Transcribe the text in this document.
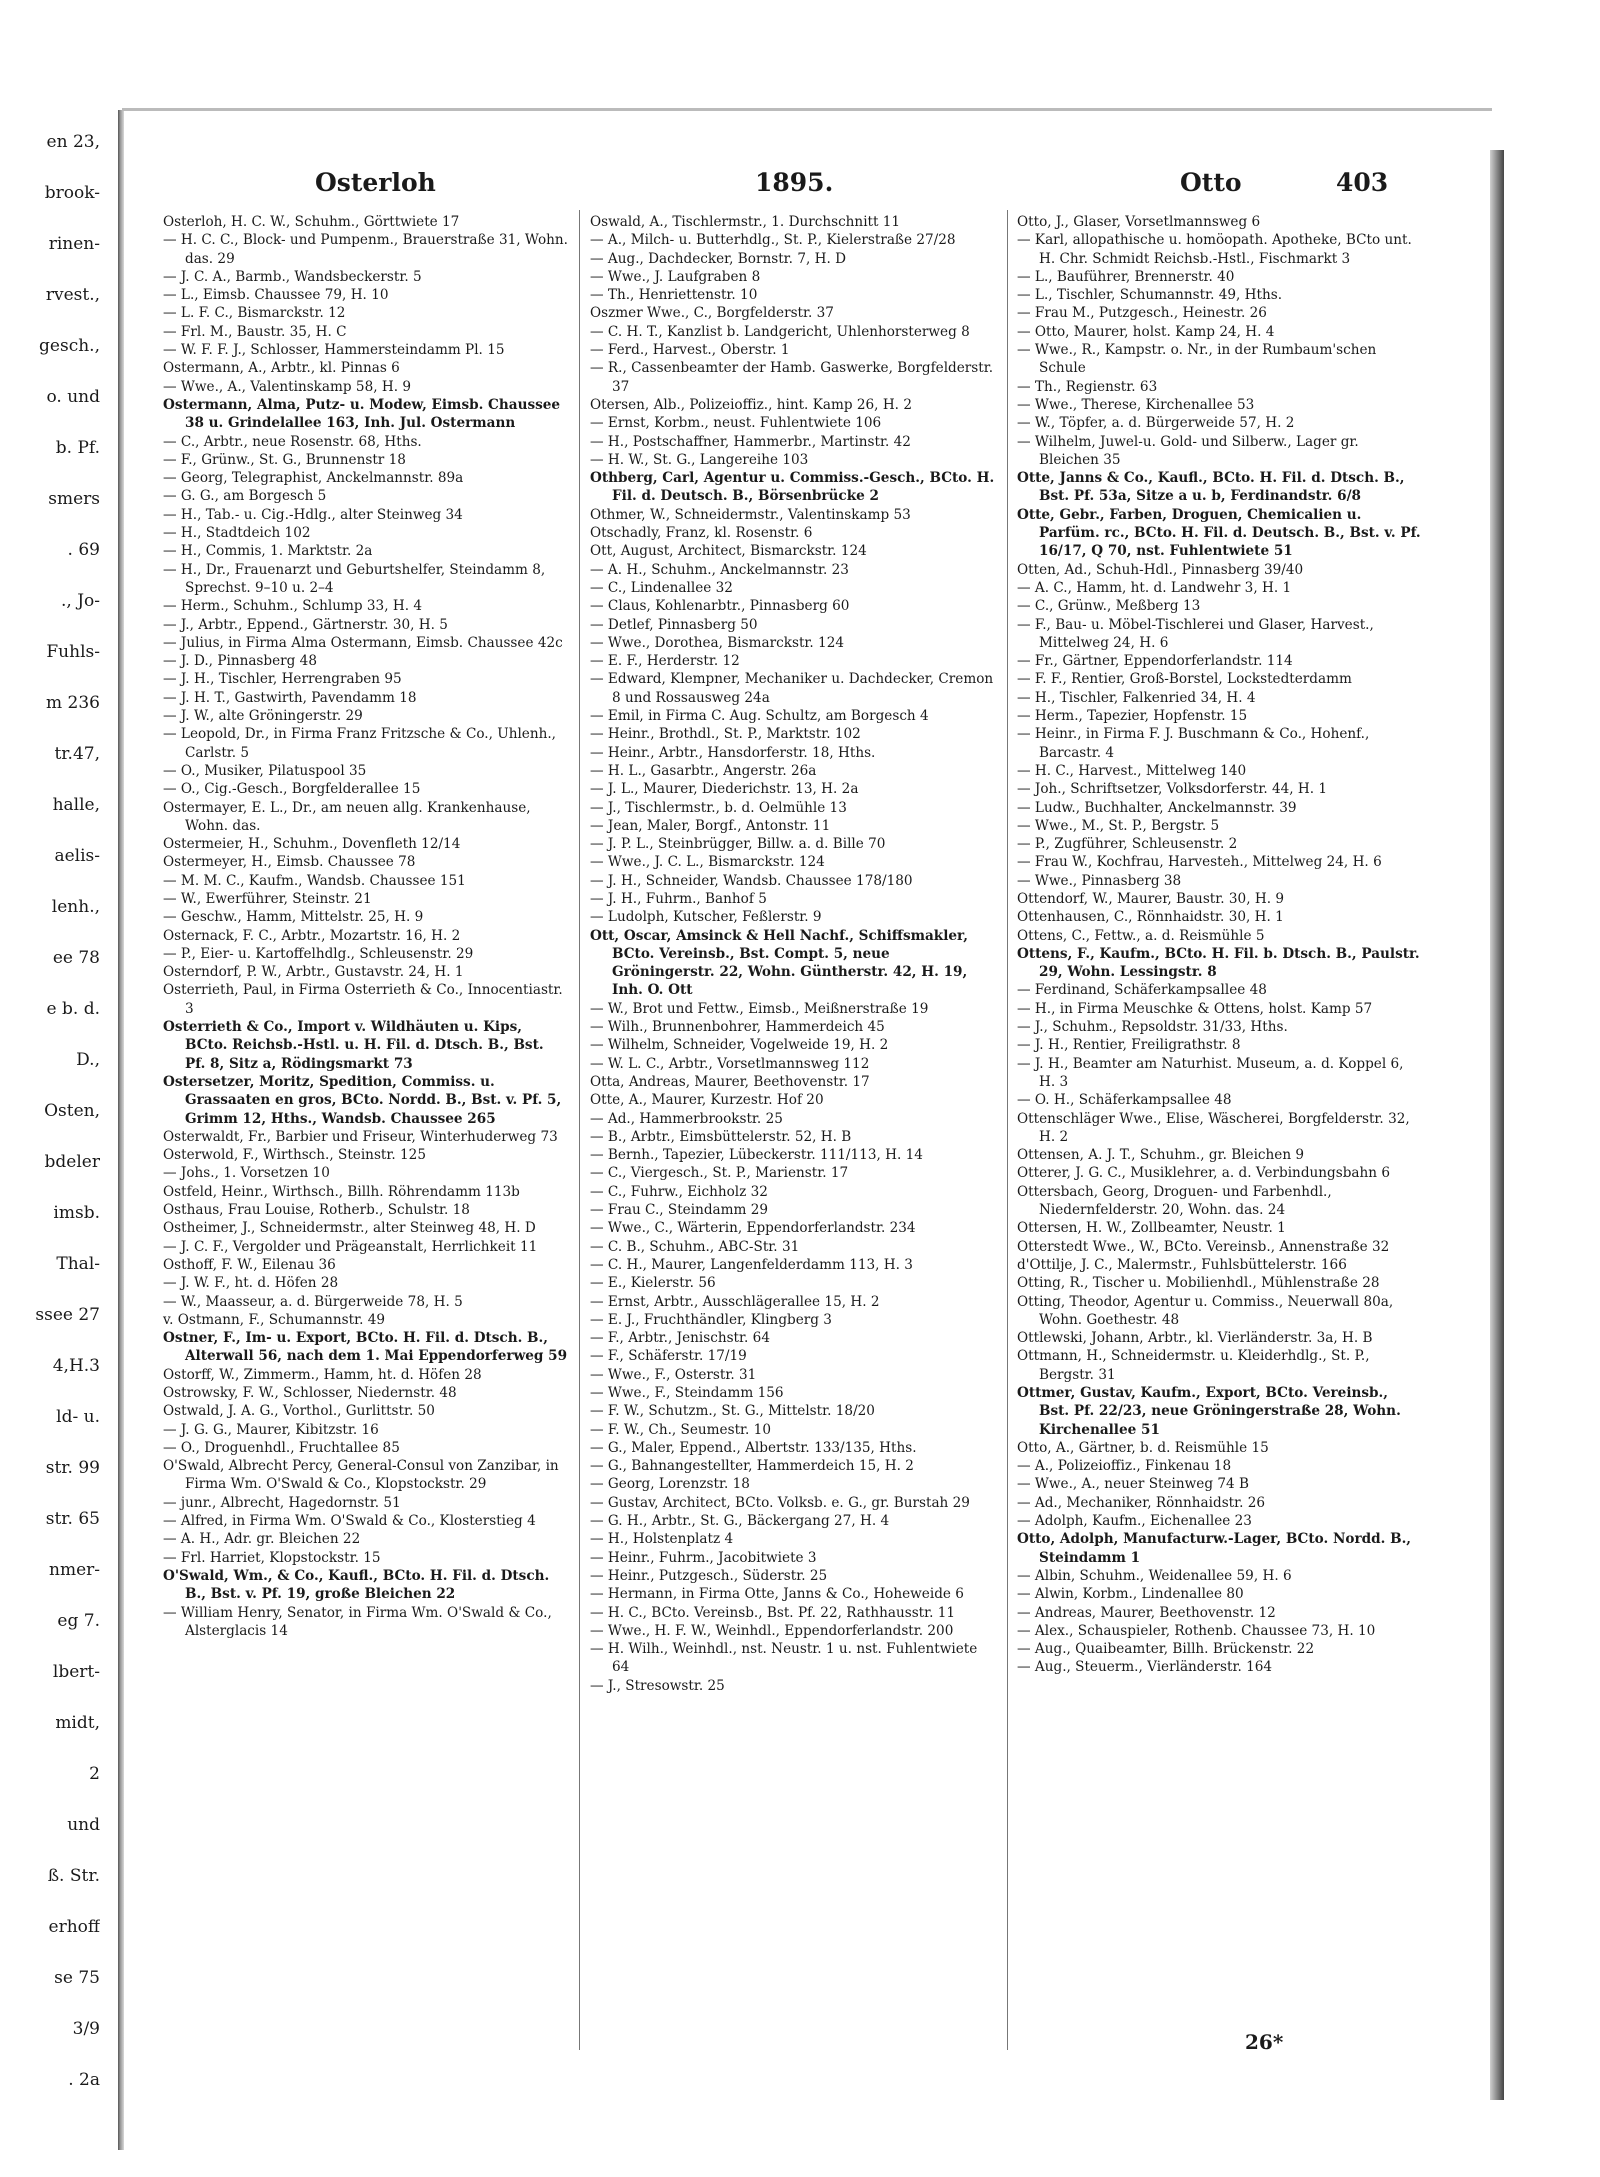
en 23,
brook-
rinen-
rvest.,
gesch.,
o. und
b. Pf.
smers
. 69
., Jo-
Fuhls-
m 236
tr.47,
halle,
aelis-
lenh.,
ee 78
e b. d.
D.,
Osten,
bdeler
imsb.
Thal-
ssee 27
4,H.3
ld- u.
str. 99
str. 65
nmer-
eg 7.
lbert-
midt,
2
und
ß. Str.
erhoff
se 75
3/9
. 2a
Osterloh	1895.	Otto	403
Osterloh, H. C. W., Schuhm., Görttwiete 17
— H. C. C., Block- und Pumpenm., Brauerstraße 31, Wohn. das. 29
— J. C. A., Barmb., Wandsbeckerstr. 5
— L., Eimsb. Chaussee 79, H. 10
— L. F. C., Bismarckstr. 12
— Frl. M., Baustr. 35, H. C
— W. F. F. J., Schlosser, Hammersteindamm Pl. 15
Ostermann, A., Arbtr., kl. Pinnas 6
— Wwe., A., Valentinskamp 58, H. 9
Ostermann, Alma, Putz- u. Modew, Eimsb. Chaussee 38 u. Grindelallee 163, Inh. Jul. Ostermann
— C., Arbtr., neue Rosenstr. 68, Hths.
— F., Grünw., St. G., Brunnenstr 18
— Georg, Telegraphist, Anckelmannstr. 89a
— G. G., am Borgesch 5
— H., Tab.- u. Cig.-Hdlg., alter Steinweg 34
— H., Stadtdeich 102
— H., Commis, 1. Marktstr. 2a
— H., Dr., Frauenarzt und Geburtshelfer, Steindamm 8, Sprechst. 9–10 u. 2–4
— Herm., Schuhm., Schlump 33, H. 4
— J., Arbtr., Eppend., Gärtnerstr. 30, H. 5
— Julius, in Firma Alma Ostermann, Eimsb. Chaussee 42c
— J. D., Pinnasberg 48
— J. H., Tischler, Herrengraben 95
— J. H. T., Gastwirth, Pavendamm 18
— J. W., alte Gröningerstr. 29
— Leopold, Dr., in Firma Franz Fritzsche & Co., Uhlenh., Carlstr. 5
— O., Musiker, Pilatuspool 35
— O., Cig.-Gesch., Borgfelderallee 15
Ostermayer, E. L., Dr., am neuen allg. Krankenhause, Wohn. das.
Ostermeier, H., Schuhm., Dovenfleth 12/14
Ostermeyer, H., Eimsb. Chaussee 78
— M. M. C., Kaufm., Wandsb. Chaussee 151
— W., Ewerführer, Steinstr. 21
— Geschw., Hamm, Mittelstr. 25, H. 9
Osternack, F. C., Arbtr., Mozartstr. 16, H. 2
— P., Eier- u. Kartoffelhdlg., Schleusenstr. 29
Osterndorf, P. W., Arbtr., Gustavstr. 24, H. 1
Osterrieth, Paul, in Firma Osterrieth & Co., Innocentiastr. 3
Osterrieth & Co., Import v. Wildhäuten u. Kips, BCto. Reichsb.-Hstl. u. H. Fil. d. Dtsch. B., Bst. Pf. 8, Sitz a, Rödingsmarkt 73
Ostersetzer, Moritz, Spedition, Commiss. u. Grassaaten en gros, BCto. Nordd. B., Bst. v. Pf. 5, Grimm 12, Hths., Wandsb. Chaussee 265
Osterwaldt, Fr., Barbier und Friseur, Winterhuderweg 73
Osterwold, F., Wirthsch., Steinstr. 125
— Johs., 1. Vorsetzen 10
Ostfeld, Heinr., Wirthsch., Billh. Röhrendamm 113b
Osthaus, Frau Louise, Rotherb., Schulstr. 18
Ostheimer, J., Schneidermstr., alter Steinweg 48, H. D
— J. C. F., Vergolder und Prägeanstalt, Herrlichkeit 11
Osthoff, F. W., Eilenau 36
— J. W. F., ht. d. Höfen 28
— W., Maasseur, a. d. Bürgerweide 78, H. 5
v. Ostmann, F., Schumannstr. 49
Ostner, F., Im- u. Export, BCto. H. Fil. d. Dtsch. B., Alterwall 56, nach dem 1. Mai Eppendorferweg 59
Ostorff, W., Zimmerm., Hamm, ht. d. Höfen 28
Ostrowsky, F. W., Schlosser, Niedernstr. 48
Ostwald, J. A. G., Vorthol., Gurlittstr. 50
— J. G. G., Maurer, Kibitzstr. 16
— O., Droguenhdl., Fruchtallee 85
O'Swald, Albrecht Percy, General-Consul von Zanzibar, in Firma Wm. O'Swald & Co., Klopstockstr. 29
— junr., Albrecht, Hagedornstr. 51
— Alfred, in Firma Wm. O'Swald & Co., Klosterstieg 4
— A. H., Adr. gr. Bleichen 22
— Frl. Harriet, Klopstockstr. 15
O'Swald, Wm., & Co., Kaufl., BCto. H. Fil. d. Dtsch. B., Bst. v. Pf. 19, große Bleichen 22
— William Henry, Senator, in Firma Wm. O'Swald & Co., Alsterglacis 14
Oswald, A., Tischlermstr., 1. Durchschnitt 11
— A., Milch- u. Butterhdlg., St. P., Kielerstraße 27/28
— Aug., Dachdecker, Bornstr. 7, H. D
— Wwe., J. Laufgraben 8
— Th., Henriettenstr. 10
Oszmer Wwe., C., Borgfelderstr. 37
— C. H. T., Kanzlist b. Landgericht, Uhlenhorsterweg 8
— Ferd., Harvest., Oberstr. 1
— R., Cassenbeamter der Hamb. Gaswerke, Borgfelderstr. 37
Otersen, Alb., Polizeioffiz., hint. Kamp 26, H. 2
— Ernst, Korbm., neust. Fuhlentwiete 106
— H., Postschaffner, Hammerbr., Martinstr. 42
— H. W., St. G., Langereihe 103
Othberg, Carl, Agentur u. Commiss.-Gesch., BCto. H. Fil. d. Deutsch. B., Börsenbrücke 2
Othmer, W., Schneidermstr., Valentinskamp 53
Otschadly, Franz, kl. Rosenstr. 6
Ott, August, Architect, Bismarckstr. 124
— A. H., Schuhm., Anckelmannstr. 23
— C., Lindenallee 32
— Claus, Kohlenarbtr., Pinnasberg 60
— Detlef, Pinnasberg 50
— Wwe., Dorothea, Bismarckstr. 124
— E. F., Herderstr. 12
— Edward, Klempner, Mechaniker u. Dachdecker, Cremon 8 und Rossausweg 24a
— Emil, in Firma C. Aug. Schultz, am Borgesch 4
— Heinr., Brothdl., St. P., Marktstr. 102
— Heinr., Arbtr., Hansdorferstr. 18, Hths.
— H. L., Gasarbtr., Angerstr. 26a
— J. L., Maurer, Diederichstr. 13, H. 2a
— J., Tischlermstr., b. d. Oelmühle 13
— Jean, Maler, Borgf., Antonstr. 11
— J. P. L., Steinbrügger, Billw. a. d. Bille 70
— Wwe., J. C. L., Bismarckstr. 124
— J. H., Schneider, Wandsb. Chaussee 178/180
— J. H., Fuhrm., Banhof 5
— Ludolph, Kutscher, Feßlerstr. 9
Ott, Oscar, Amsinck & Hell Nachf., Schiffsmakler, BCto. Vereinsb., Bst. Compt. 5, neue Gröningerstr. 22, Wohn. Güntherstr. 42, H. 19, Inh. O. Ott
— W., Brot und Fettw., Eimsb., Meißnerstraße 19
— Wilh., Brunnenbohrer, Hammerdeich 45
— Wilhelm, Schneider, Vogelweide 19, H. 2
— W. L. C., Arbtr., Vorsetlmannsweg 112
Otta, Andreas, Maurer, Beethovenstr. 17
Otte, A., Maurer, Kurzestr. Hof 20
— Ad., Hammerbrookstr. 25
— B., Arbtr., Eimsbüttelerstr. 52, H. B
— Bernh., Tapezier, Lübeckerstr. 111/113, H. 14
— C., Viergesch., St. P., Marienstr. 17
— C., Fuhrw., Eichholz 32
— Frau C., Steindamm 29
— Wwe., C., Wärterin, Eppendorferlandstr. 234
— C. B., Schuhm., ABC-Str. 31
— C. H., Maurer, Langenfelderdamm 113, H. 3
— E., Kielerstr. 56
— Ernst, Arbtr., Ausschlägerallee 15, H. 2
— E. J., Fruchthändler, Klingberg 3
— F., Arbtr., Jenischstr. 64
— F., Schäferstr. 17/19
— Wwe., F., Osterstr. 31
— Wwe., F., Steindamm 156
— F. W., Schutzm., St. G., Mittelstr. 18/20
— F. W., Ch., Seumestr. 10
— G., Maler, Eppend., Albertstr. 133/135, Hths.
— G., Bahnangestellter, Hammerdeich 15, H. 2
— Georg, Lorenzstr. 18
— Gustav, Architect, BCto. Volksb. e. G., gr. Burstah 29
— G. H., Arbtr., St. G., Bäckergang 27, H. 4
— H., Holstenplatz 4
— Heinr., Fuhrm., Jacobitwiete 3
— Heinr., Putzgesch., Süderstr. 25
— Hermann, in Firma Otte, Janns & Co., Hoheweide 6
— H. C., BCto. Vereinsb., Bst. Pf. 22, Rathhausstr. 11
— Wwe., H. F. W., Weinhdl., Eppendorferlandstr. 200
— H. Wilh., Weinhdl., nst. Neustr. 1 u. nst. Fuhlentwiete 64
— J., Stresowstr. 25
Otto, J., Glaser, Vorsetlmannsweg 6
— Karl, allopathische u. homöopath. Apotheke, BCto unt. H. Chr. Schmidt Reichsb.-Hstl., Fischmarkt 3
— L., Bauführer, Brennerstr. 40
— L., Tischler, Schumannstr. 49, Hths.
— Frau M., Putzgesch., Heinestr. 26
— Otto, Maurer, holst. Kamp 24, H. 4
— Wwe., R., Kampstr. o. Nr., in der Rumbaum'schen Schule
— Th., Regienstr. 63
— Wwe., Therese, Kirchenallee 53
— W., Töpfer, a. d. Bürgerweide 57, H. 2
— Wilhelm, Juwel-u. Gold- und Silberw., Lager gr. Bleichen 35
Otte, Janns & Co., Kaufl., BCto. H. Fil. d. Dtsch. B., Bst. Pf. 53a, Sitze a u. b, Ferdinandstr. 6/8
Otte, Gebr., Farben, Droguen, Chemicalien u. Parfüm. rc., BCto. H. Fil. d. Deutsch. B., Bst. v. Pf. 16/17, Q 70, nst. Fuhlentwiete 51
Otten, Ad., Schuh-Hdl., Pinnasberg 39/40
— A. C., Hamm, ht. d. Landwehr 3, H. 1
— C., Grünw., Meßberg 13
— F., Bau- u. Möbel-Tischlerei und Glaser, Harvest., Mittelweg 24, H. 6
— Fr., Gärtner, Eppendorferlandstr. 114
— F. F., Rentier, Groß-Borstel, Lockstedterdamm
— H., Tischler, Falkenried 34, H. 4
— Herm., Tapezier, Hopfenstr. 15
— Heinr., in Firma F. J. Buschmann & Co., Hohenf., Barcastr. 4
— H. C., Harvest., Mittelweg 140
— Joh., Schriftsetzer, Volksdorferstr. 44, H. 1
— Ludw., Buchhalter, Anckelmannstr. 39
— Wwe., M., St. P., Bergstr. 5
— P., Zugführer, Schleusenstr. 2
— Frau W., Kochfrau, Harvesteh., Mittelweg 24, H. 6
— Wwe., Pinnasberg 38
Ottendorf, W., Maurer, Baustr. 30, H. 9
Ottenhausen, C., Rönnhaidstr. 30, H. 1
Ottens, C., Fettw., a. d. Reismühle 5
Ottens, F., Kaufm., BCto. H. Fil. b. Dtsch. B., Paulstr. 29, Wohn. Lessingstr. 8
— Ferdinand, Schäferkampsallee 48
— H., in Firma Meuschke & Ottens, holst. Kamp 57
— J., Schuhm., Repsoldstr. 31/33, Hths.
— J. H., Rentier, Freiligrathstr. 8
— J. H., Beamter am Naturhist. Museum, a. d. Koppel 6, H. 3
— O. H., Schäferkampsallee 48
Ottenschläger Wwe., Elise, Wäscherei, Borgfelderstr. 32, H. 2
Ottensen, A. J. T., Schuhm., gr. Bleichen 9
Otterer, J. G. C., Musiklehrer, a. d. Verbindungsbahn 6
Ottersbach, Georg, Droguen- und Farbenhdl., Niedernfelderstr. 20, Wohn. das. 24
Ottersen, H. W., Zollbeamter, Neustr. 1
Otterstedt Wwe., W., BCto. Vereinsb., Annenstraße 32
d'Ottilje, J. C., Malermstr., Fuhlsbüttelerstr. 166
Otting, R., Tischer u. Mobilienhdl., Mühlenstraße 28
Otting, Theodor, Agentur u. Commiss., Neuerwall 80a, Wohn. Goethestr. 48
Ottlewski, Johann, Arbtr., kl. Vierländerstr. 3a, H. B
Ottmann, H., Schneidermstr. u. Kleiderhdlg., St. P., Bergstr. 31
Ottmer, Gustav, Kaufm., Export, BCto. Vereinsb., Bst. Pf. 22/23, neue Gröningerstraße 28, Wohn. Kirchenallee 51
Otto, A., Gärtner, b. d. Reismühle 15
— A., Polizeioffiz., Finkenau 18
— Wwe., A., neuer Steinweg 74 B
— Ad., Mechaniker, Rönnhaidstr. 26
— Adolph, Kaufm., Eichenallee 23
Otto, Adolph, Manufacturw.-Lager, BCto. Nordd. B., Steindamm 1
— Albin, Schuhm., Weidenallee 59, H. 6
— Alwin, Korbm., Lindenallee 80
— Andreas, Maurer, Beethovenstr. 12
— Alex., Schauspieler, Rothenb. Chaussee 73, H. 10
— Aug., Quaibeamter, Billh. Brückenstr. 22
— Aug., Steuerm., Vierländerstr. 164
26*
